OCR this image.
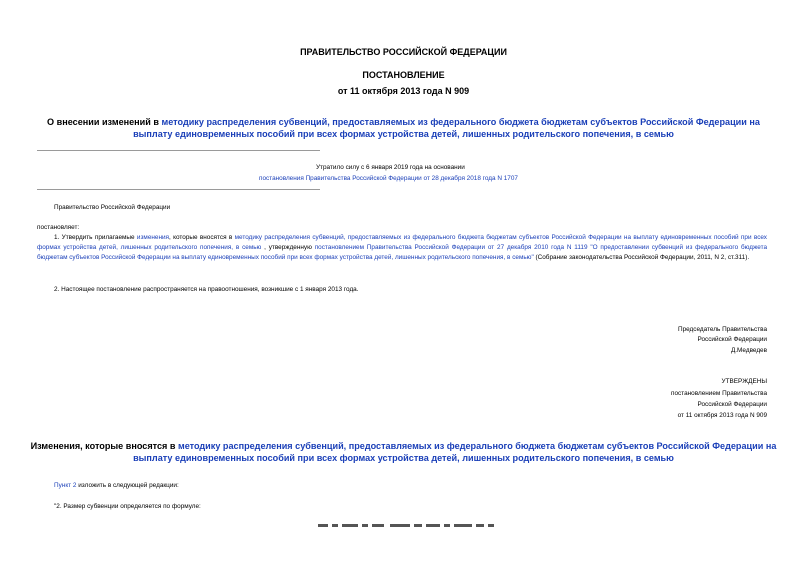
ПРАВИТЕЛЬСТВО РОССИЙСКОЙ ФЕДЕРАЦИИ
ПОСТАНОВЛЕНИЕ
от 11 октября 2013 года N 909
О внесении изменений в методику распределения субвенций, предоставляемых из федерального бюджета бюджетам субъектов Российской Федерации на
выплату единовременных пособий при всех формах устройства детей, лишенных родительского попечения, в семью
Утратило силу с 6 января 2019 года на основании
постановления Правительства Российской Федерации от 28 декабря 2018 года N 1707
Правительство Российской Федерации
постановляет:
1. Утвердить прилагаемые изменения, которые вносятся в методику распределения субвенций, предоставляемых из федерального бюджета бюджетам субъектов Российской Федерации на выплату единовременных пособий при всех формах устройства детей, лишенных родительского попечения, в семью , утвержденную постановлением Правительства Российской Федерации от 27 декабря 2010 года N 1119 "О предоставлении субвенций из федерального бюджета бюджетам субъектов Российской Федерации на выплату единовременных пособий при всех формах устройства детей, лишенных родительского попечения, в семью" (Собрание законодательства Российской Федерации, 2011, N 2, ст.311).
2. Настоящее постановление распространяется на правоотношения, возникшие с 1 января 2013 года.
Председатель Правительства
Российской Федерации
Д.Медведев
УТВЕРЖДЕНЫ
постановлением Правительства
Российской Федерации
от 11 октября 2013 года N 909
Изменения, которые вносятся в методику распределения субвенций, предоставляемых из федерального бюджета бюджетам субъектов Российской Федерации на
выплату единовременных пособий при всех формах устройства детей, лишенных родительского попечения, в семью
Пункт 2 изложить в следующей редакции:
"2. Размер субвенции определяется по формуле:
